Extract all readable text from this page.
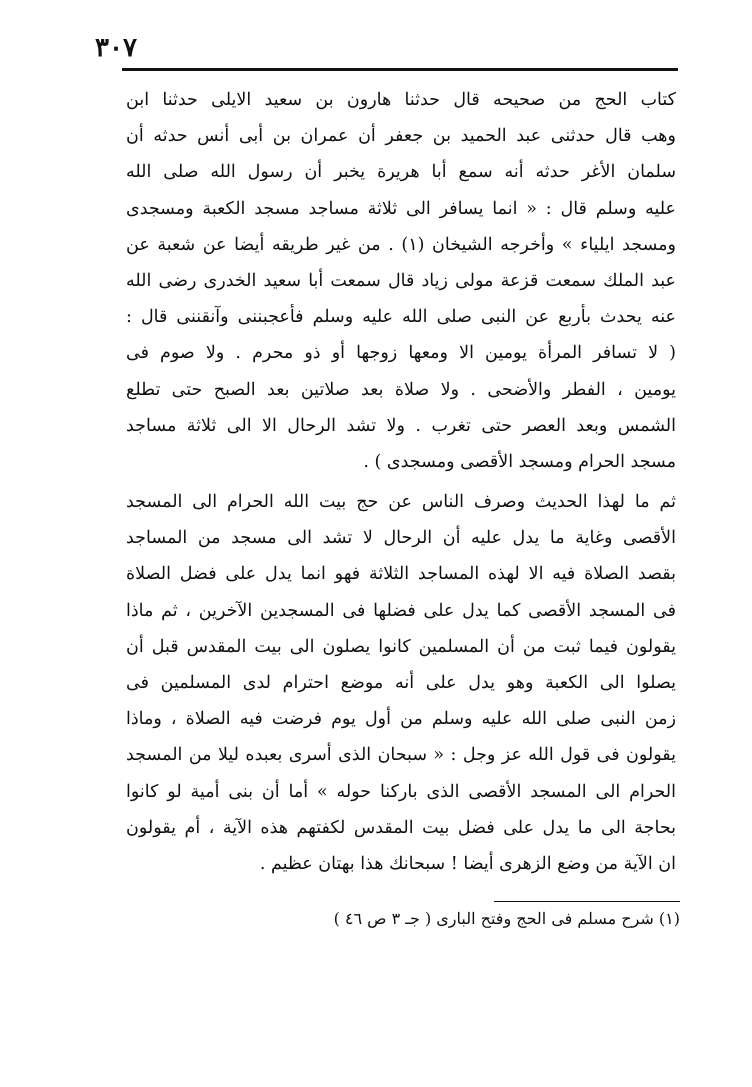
٣٠٧
كتاب الحج من صحيحه قال حدثنا هارون بن سعيد الايلى حدثنا ابن
وهب قال حدثنى عبد الحميد بن جعفر أن عمران بن أبى أنس حدثه أن
سلمان الأغر حدثه أنه سمع أبا هريرة يخبر أن رسول الله صلى الله
عليه وسلم قال : « انما يسافر الى ثلاثة مساجد مسجد الكعبة ومسجدى
ومسجد ايلياء » وأخرجه الشيخان (١) . من غير طريقه أيضا عن شعبة عن
عبد الملك سمعت قزعة مولى زياد قال سمعت أبا سعيد الخدرى رضى الله
عنه يحدث بأربع عن النبى صلى الله عليه وسلم فأعجبننى وآنقننى قال :
( لا تسافر المرأة يومين الا ومعها زوجها أو ذو محرم . ولا صوم فى
يومين ، الفطر والأضحى . ولا صلاة بعد صلاتين بعد الصبح حتى تطلع
الشمس وبعد العصر حتى تغرب . ولا تشد الرحال الا الى ثلاثة مساجد
مسجد الحرام ومسجد الأقصى ومسجدى ) .
ثم ما لهذا الحديث وصرف الناس عن حج بيت الله الحرام الى المسجد
الأقصى وغاية ما يدل عليه أن الرحال لا تشد الى مسجد من المساجد
بقصد الصلاة فيه الا لهذه المساجد الثلاثة فهو انما يدل على فضل الصلاة
فى المسجد الأقصى كما يدل على فضلها فى المسجدين الآخرين ، ثم ماذا
يقولون فيما ثبت من أن المسلمين كانوا يصلون الى بيت المقدس قبل أن
يصلوا الى الكعبة وهو يدل على أنه موضع احترام لدى المسلمين فى
زمن النبى صلى الله عليه وسلم من أول يوم فرضت فيه الصلاة ، وماذا
يقولون فى قول الله عز وجل : « سبحان الذى أسرى بعبده ليلا من المسجد
الحرام الى المسجد الأقصى الذى باركنا حوله » أما أن بنى أمية لو كانوا
بحاجة الى ما يدل على فضل بيت المقدس لكفتهم هذه الآية ، أم يقولون
ان الآية من وضع الزهرى أيضا ! سبحانك هذا بهتان عظيم .
(١) شرح مسلم فى الحج وفتح البارى ( جـ ٣ ص ٤٦ )
